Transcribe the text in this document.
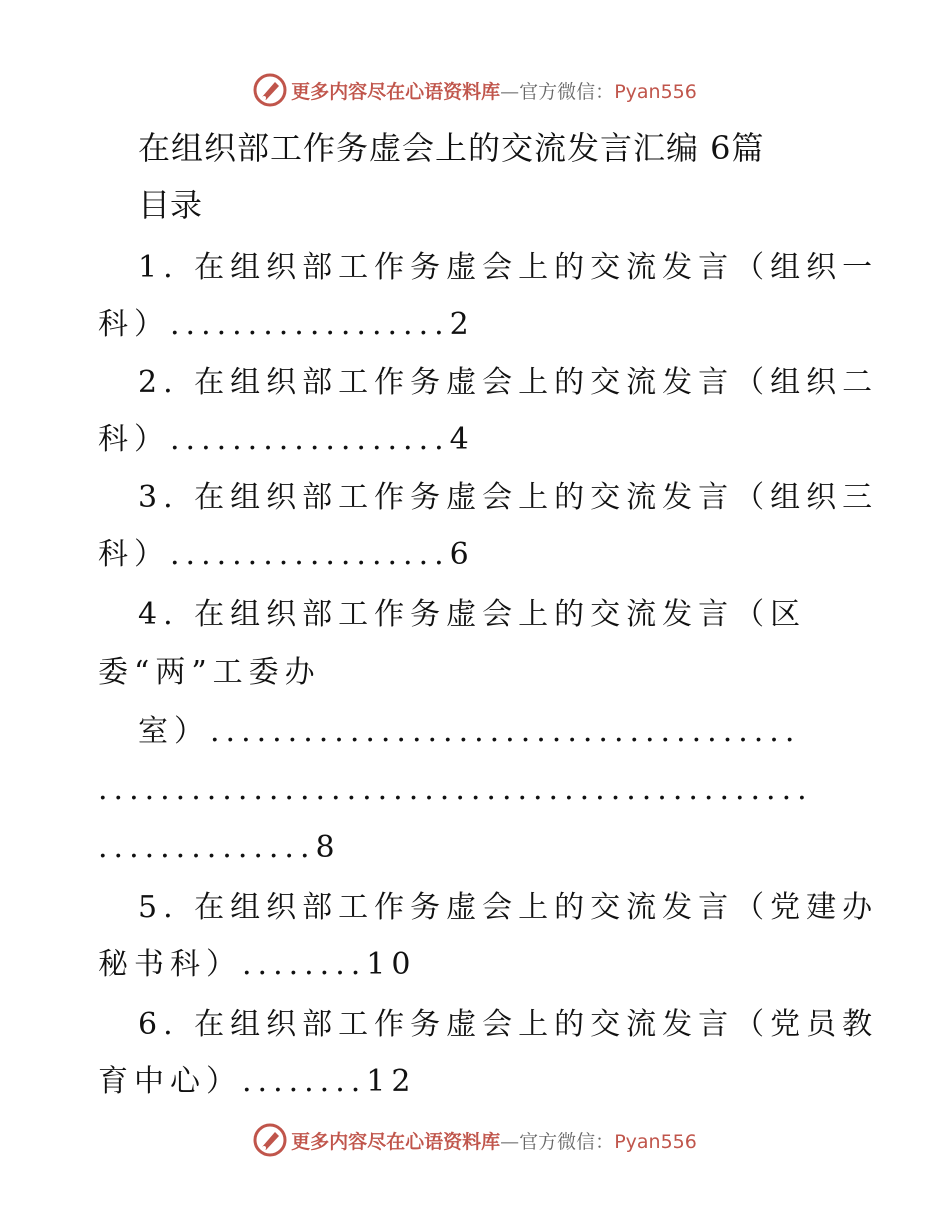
更多内容尽在心语资料库—官方微信：Pyan556
在组织部工作务虚会上的交流发言汇编 6篇
目录
1. 在组织部工作务虚会上的交流发言（组织一
科）..................2
2. 在组织部工作务虚会上的交流发言（组织二
科）..................4
3. 在组织部工作务虚会上的交流发言（组织三
科）..................6
4. 在组织部工作务虚会上的交流发言（区
委“两”工委办
室）......................................
..............................................
..............8
5. 在组织部工作务虚会上的交流发言（党建办
秘书科）........10
6. 在组织部工作务虚会上的交流发言（党员教
育中心）........12
更多内容尽在心语资料库—官方微信：Pyan556
